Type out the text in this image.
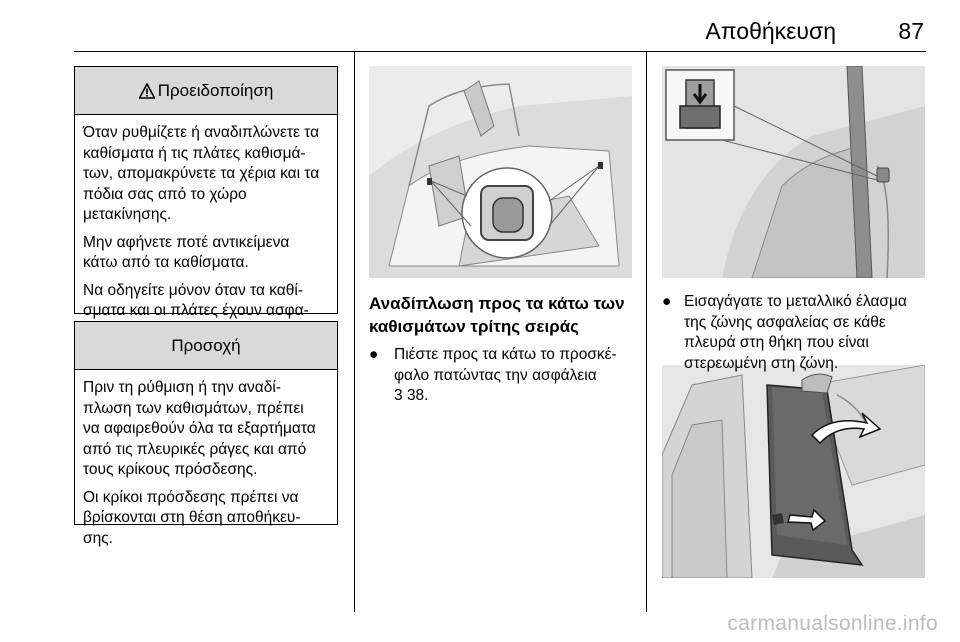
Αποθήκευση	87
Προειδοποίηση

Όταν ρυθμίζετε ή αναδιπλώνετε τα
καθίσματα ή τις πλάτες καθισμά-
των, απομακρύνετε τα χέρια και τα
πόδια σας από το χώρο
μετακίνησης.

Μην αφήνετε ποτέ αντικείμενα
κάτω από τα καθίσματα.

Να οδηγείτε μόνον όταν τα καθί-
σματα και οι πλάτες έχουν ασφα-

Προσοχή

Πριν τη ρύθμιση ή την αναδί-
πλωση των καθισμάτων, πρέπει
να αφαιρεθούν όλα τα εξαρτήματα
από τις πλευρικές ράγες και από
τους κρίκους πρόσδεσης.

Οι κρίκοι πρόσδεσης πρέπει να
βρίσκονται στη θέση αποθήκευ-
σης.

Αναδίπλωση προς τα κάτω των
καθισμάτων τρίτης σειράς
●	Πιέστε προς τα κάτω το προσκέ-
φαλο πατώντας την ασφάλεια
3 38.
● Εισαγάγατε το μεταλλικό έλασμα
της ζώνης ασφαλείας σε κάθε
πλευρά στη θήκη που είναι
στερεωμένη στη ζώνη.
carmanualsonline.info
